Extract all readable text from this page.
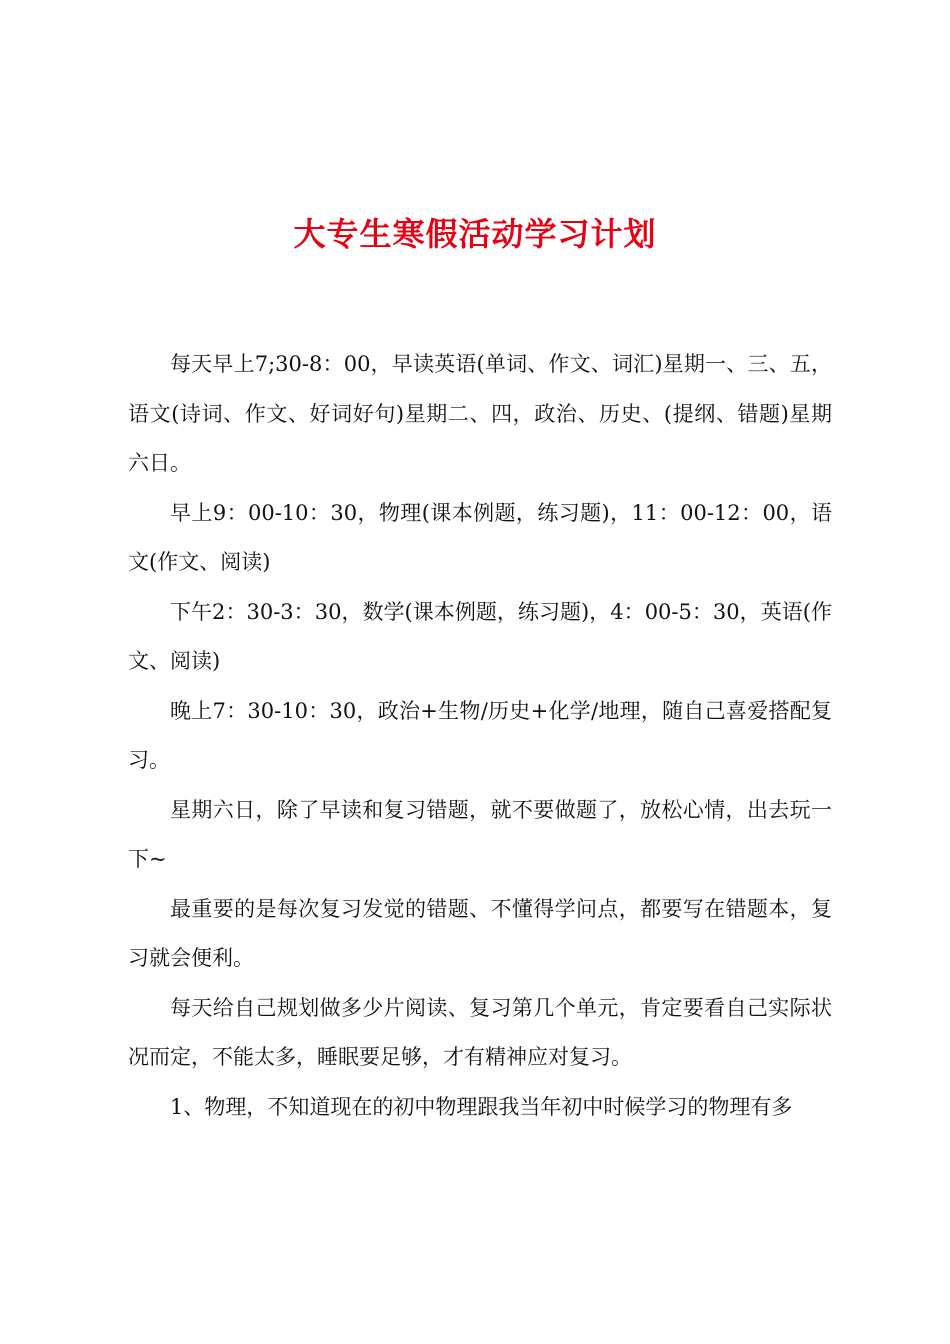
大专生寒假活动学习计划

每天早上7;30-8：00，早读英语(单词、作文、词汇)星期一、三、五，语文(诗词、作文、好词好句)星期二、四，政治、历史、(提纲、错题)星期六日。

早上9：00-10：30，物理(课本例题，练习题)，11：00-12：00，语文(作文、阅读)

下午2：30-3：30，数学(课本例题，练习题)，4：00-5：30，英语(作文、阅读)

晚上7：30-10：30，政治+生物/历史+化学/地理，随自己喜爱搭配复习。

星期六日，除了早读和复习错题，就不要做题了，放松心情，出去玩一下~

最重要的是每次复习发觉的错题、不懂得学问点，都要写在错题本，复习就会便利。

每天给自己规划做多少片阅读、复习第几个单元，肯定要看自己实际状况而定，不能太多，睡眠要足够，才有精神应对复习。

1、物理，不知道现在的初中物理跟我当年初中时候学习的物理有多
